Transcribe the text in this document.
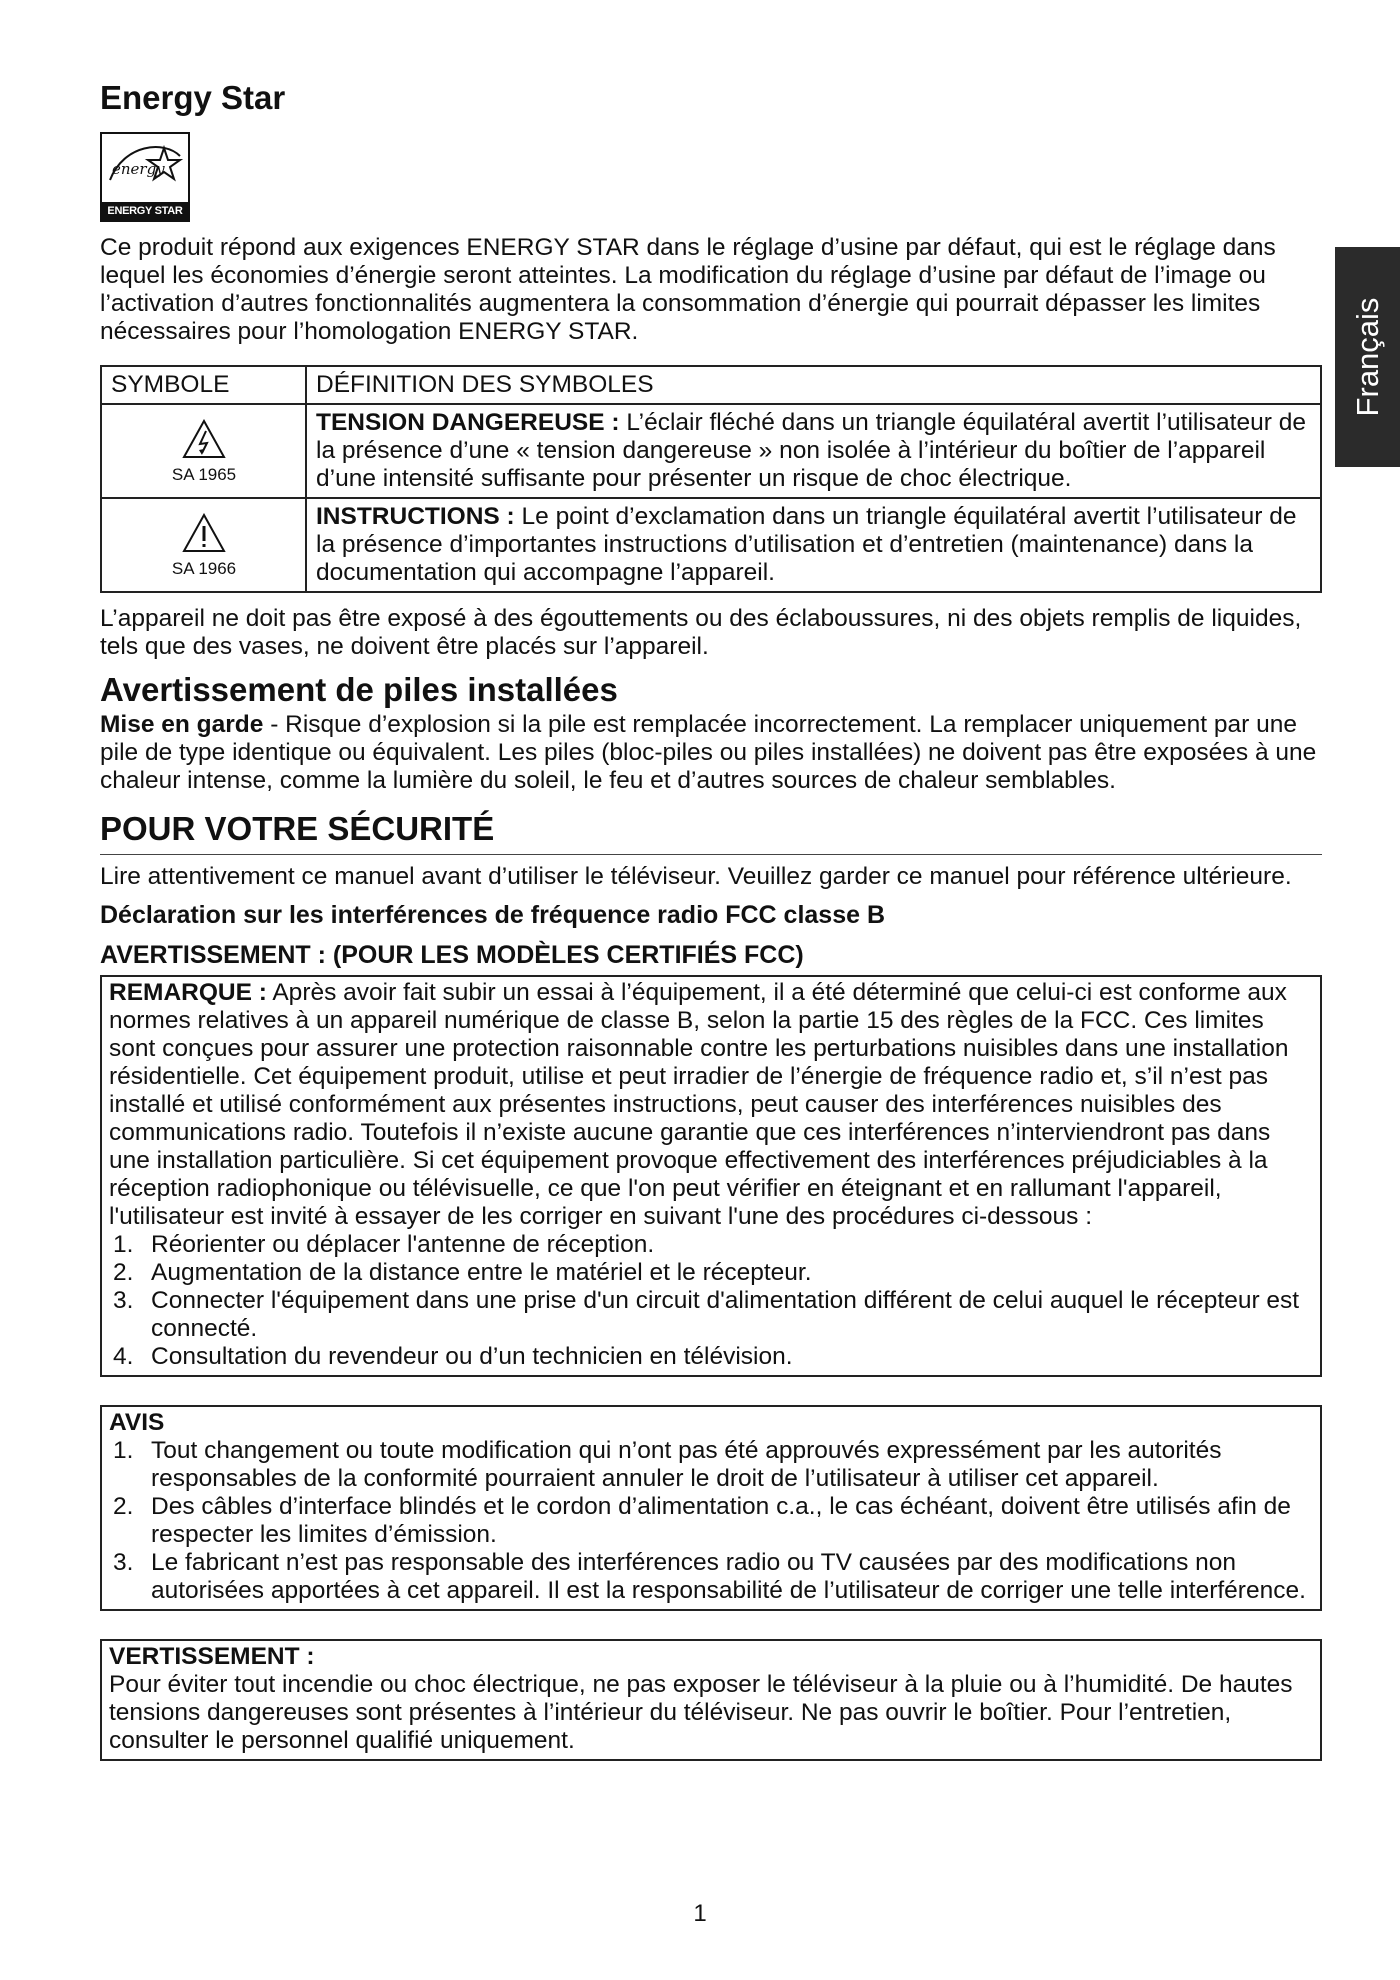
Français
Energy Star
energy
ENERGY STAR

Ce produit répond aux exigences ENERGY STAR dans le réglage d’usine par défaut, qui est le réglage dans lequel les économies d’énergie seront atteintes. La modification du réglage d’usine par défaut de l’image ou l’activation d’autres fonctionnalités augmentera la consommation d’énergie qui pourrait dépasser les limites nécessaires pour l’homologation ENERGY STAR.

SYMBOLE	DÉFINITION DES SYMBOLES

SA 1965	TENSION DANGEREUSE : L’éclair fléché dans un triangle équilatéral avertit l’utilisateur de la présence d’une « tension dangereuse » non isolée à l’intérieur du boîtier de l’appareil d’une intensité suffisante pour présenter un risque de choc électrique.

SA 1966	INSTRUCTIONS : Le point d’exclamation dans un triangle équilatéral avertit l’utilisateur de la présence d’importantes instructions d’utilisation et d’entretien (maintenance) dans la documentation qui accompagne l’appareil.

L’appareil ne doit pas être exposé à des égouttements ou des éclaboussures, ni des objets remplis de liquides, tels que des vases, ne doivent être placés sur l’appareil.

Avertissement de piles installées

Mise en garde - Risque d’explosion si la pile est remplacée incorrectement. La remplacer uniquement par une pile de type identique ou équivalent. Les piles (bloc-piles ou piles installées) ne doivent pas être exposées à une chaleur intense, comme la lumière du soleil, le feu et d’autres sources de chaleur semblables.

POUR VOTRE SÉCURITÉ

Lire attentivement ce manuel avant d’utiliser le téléviseur. Veuillez garder ce manuel pour référence ultérieure.

Déclaration sur les interférences de fréquence radio FCC classe B
AVERTISSEMENT : (POUR LES MODÈLES CERTIFIÉS FCC)

REMARQUE : Après avoir fait subir un essai à l’équipement, il a été déterminé que celui-ci est conforme aux normes relatives à un appareil numérique de classe B, selon la partie 15 des règles de la FCC. Ces limites sont conçues pour assurer une protection raisonnable contre les perturbations nuisibles dans une installation résidentielle. Cet équipement produit, utilise et peut irradier de l’énergie de fréquence radio et, s’il n’est pas installé et utilisé conformément aux présentes instructions, peut causer des interférences nuisibles des communications radio. Toutefois il n’existe aucune garantie que ces interférences n’interviendront pas dans une installation particulière. Si cet équipement provoque effectivement des interférences préjudiciables à la réception radiophonique ou télévisuelle, ce que l'on peut vérifier en éteignant et en rallumant l'appareil, l'utilisateur est invité à essayer de les corriger en suivant l'une des procédures ci-dessous :

1. Réorienter ou déplacer l'antenne de réception.
2. Augmentation de la distance entre le matériel et le récepteur.
3. Connecter l'équipement dans une prise d'un circuit d'alimentation différent de celui auquel le récepteur est connecté.
4. Consultation du revendeur ou d’un technicien en télévision.
AVIS
1. Tout changement ou toute modification qui n’ont pas été approuvés expressément par les autorités responsables de la conformité pourraient annuler le droit de l’utilisateur à utiliser cet appareil.
2. Des câbles d’interface blindés et le cordon d’alimentation c.a., le cas échéant, doivent être utilisés afin de respecter les limites d’émission.
3. Le fabricant n’est pas responsable des interférences radio ou TV causées par des modifications non autorisées apportées à cet appareil. Il est la responsabilité de l’utilisateur de corriger une telle interférence.
VERTISSEMENT :

Pour éviter tout incendie ou choc électrique, ne pas exposer le téléviseur à la pluie ou à l’humidité. De hautes tensions dangereuses sont présentes à l’intérieur du téléviseur. Ne pas ouvrir le boîtier. Pour l’entretien, consulter le personnel qualifié uniquement.

1
